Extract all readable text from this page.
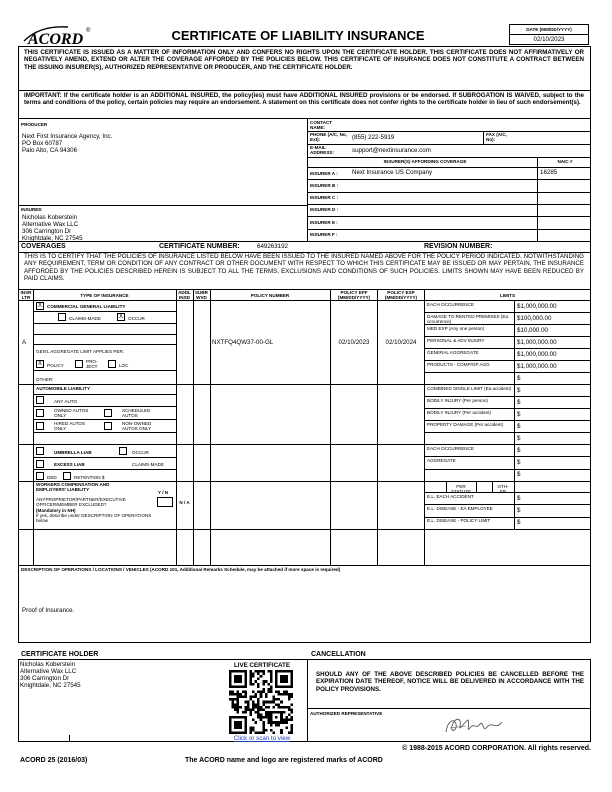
ACORD ®	CERTIFICATE OF LIABILITY INSURANCE	DATE (MM/DD/YYYY)
02/10/2023
THIS CERTIFICATE IS ISSUED AS A MATTER OF INFORMATION ONLY AND CONFERS NO RIGHTS UPON THE CERTIFICATE HOLDER. THIS CERTIFICATE DOES NOT AFFIRMATIVELY OR NEGATIVELY AMEND, EXTEND OR ALTER THE COVERAGE AFFORDED BY THE POLICIES BELOW. THIS CERTIFICATE OF INSURANCE DOES NOT CONSTITUTE A CONTRACT BETWEEN THE ISSUING INSURER(S), AUTHORIZED REPRESENTATIVE OR PRODUCER, AND THE CERTIFICATE HOLDER.
IMPORTANT: If the certificate holder is an ADDITIONAL INSURED, the policy(ies) must have ADDITIONAL INSURED provisions or be endorsed. If SUBROGATION IS WAIVED, subject to the terms and conditions of the policy, certain policies may require an endorsement. A statement on this certificate does not confer rights to the certificate holder in lieu of such endorsement(s).
PRODUCER
Next First Insurance Agency, Inc.
PO Box 60787
Palo Alto, CA 94306
CONTACT NAME:
PHONE (A/C, No, Ext):	(855) 222-5919	FAX (A/C, No):
E-MAIL ADDRESS:	support@nextinsurance.com
INSURER(S) AFFORDING COVERAGE	NAIC #
INSURER A : Next Insurance US Company	16285
INSURER B :
INSURER C :
INSURER D :
INSURER E :
INSURER F :
INSURED
Nicholas Koberstein
Alternative Wax LLC
306 Carrington Dr
Knightdale, NC 27545
COVERAGES	CERTIFICATE NUMBER:	649263192	REVISION NUMBER:
THIS IS TO CERTIFY THAT THE POLICIES OF INSURANCE LISTED BELOW HAVE BEEN ISSUED TO THE INSURED NAMED ABOVE FOR THE POLICY PERIOD INDICATED. NOTWITHSTANDING ANY REQUIREMENT, TERM OR CONDITION OF ANY CONTRACT OR OTHER DOCUMENT WITH RESPECT TO WHICH THIS CERTIFICATE MAY BE ISSUED OR MAY PERTAIN, THE INSURANCE AFFORDED BY THE POLICIES DESCRIBED HEREIN IS SUBJECT TO ALL THE TERMS, EXCLUSIONS AND CONDITIONS OF SUCH POLICIES. LIMITS SHOWN MAY HAVE BEEN REDUCED BY PAID CLAIMS.
INSR LTR	TYPE OF INSURANCE
ADDL INSD
SUBR WVD	POLICY NUMBER
POLICY EFF (MM/DD/YYYY)
POLICY EXP (MM/DD/YYYY)	LIMITS
X	COMMERCIAL GENERAL LIABILITY
CLAIMS-MADE	X	OCCUR
GEN'L AGGREGATE LIMIT APPLIES PER:
X	POLICY
PRO- JECT	LOC
OTHER:
A	NXTFQ4QW37-00-GL	02/10/2023	02/10/2024
EACH OCCURRENCE	$1,000,000.00
DAMAGE TO RENTED PREMISES (Ea occurrence)	$100,000.00
MED EXP (Any one person)	$10,000.00
PERSONAL & ADV INJURY	$1,000,000.00
GENERAL AGGREGATE	$1,000,000.00
PRODUCTS - COMP/OP AGG	$1,000,000.00
$
AUTOMOBILE LIABILITY
ANY AUTO
OWNED AUTOS ONLY
SCHEDULED AUTOS
HIRED AUTOS ONLY
NON-OWNED AUTOS ONLY
COMBINED SINGLE LIMIT (Ea accident) $
BODILY INJURY (Per person)	$
BODILY INJURY (Per accident)	$
PROPERTY DAMAGE (Per accident)	$
$
UMBRELLA LIAB	OCCUR
EXCESS LIAB	CLAIMS-MADE
DED	RETENTION $
EACH OCCURRENCE	$
AGGREGATE	$
$
WORKERS COMPENSATION AND EMPLOYERS' LIABILITY
Y / N
ANYPROPRIETOR/PARTNER/EXECUTIVE OFFICER/MEMBER EXCLUDED?
(Mandatory in NH)
If yes, describe under DESCRIPTION OF OPERATIONS below
N / A
PER STATUTE
OTH- ER
E.L. EACH ACCIDENT	$
E.L. DISEASE - EA EMPLOYEE	$
E.L. DISEASE - POLICY LIMIT	$
DESCRIPTION OF OPERATIONS / LOCATIONS / VEHICLES (ACORD 101, Additional Remarks Schedule, may be attached if more space is required)
Proof of Insurance.
CERTIFICATE HOLDER	CANCELLATION
Nicholas Koberstein
Alternative Wax LLC
306 Carrington Dr
Knightdale, NC 27545
LIVE CERTIFICATE
Click or scan to view
SHOULD ANY OF THE ABOVE DESCRIBED POLICIES BE CANCELLED BEFORE THE EXPIRATION DATE THEREOF, NOTICE WILL BE DELIVERED IN ACCORDANCE WITH THE POLICY PROVISIONS.
AUTHORIZED REPRESENTATIVE
© 1988-2015 ACORD CORPORATION. All rights reserved.
ACORD 25 (2016/03)	The ACORD name and logo are registered marks of ACORD
